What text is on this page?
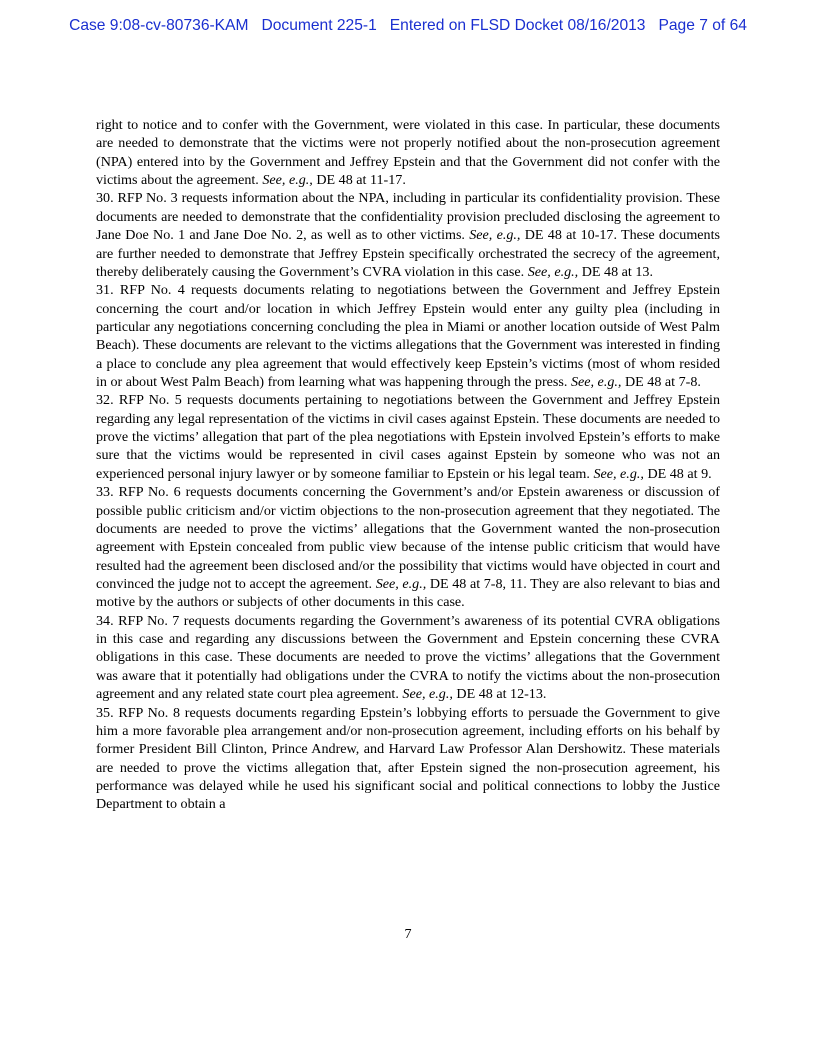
Case 9:08-cv-80736-KAM   Document 225-1   Entered on FLSD Docket 08/16/2013   Page 7 of 64

right to notice and to confer with the Government, were violated in this case. In particular, these documents are needed to demonstrate that the victims were not properly notified about the non-prosecution agreement (NPA) entered into by the Government and Jeffrey Epstein and that the Government did not confer with the victims about the agreement. See, e.g., DE 48 at 11-17.

30. RFP No. 3 requests information about the NPA, including in particular its confidentiality provision. These documents are needed to demonstrate that the confidentiality provision precluded disclosing the agreement to Jane Doe No. 1 and Jane Doe No. 2, as well as to other victims. See, e.g., DE 48 at 10-17. These documents are further needed to demonstrate that Jeffrey Epstein specifically orchestrated the secrecy of the agreement, thereby deliberately causing the Government’s CVRA violation in this case. See, e.g., DE 48 at 13.

31. RFP No. 4 requests documents relating to negotiations between the Government and Jeffrey Epstein concerning the court and/or location in which Jeffrey Epstein would enter any guilty plea (including in particular any negotiations concerning concluding the plea in Miami or another location outside of West Palm Beach). These documents are relevant to the victims allegations that the Government was interested in finding a place to conclude any plea agreement that would effectively keep Epstein’s victims (most of whom resided in or about West Palm Beach) from learning what was happening through the press. See, e.g., DE 48 at 7-8.

32. RFP No. 5 requests documents pertaining to negotiations between the Government and Jeffrey Epstein regarding any legal representation of the victims in civil cases against Epstein. These documents are needed to prove the victims’ allegation that part of the plea negotiations with Epstein involved Epstein’s efforts to make sure that the victims would be represented in civil cases against Epstein by someone who was not an experienced personal injury lawyer or by someone familiar to Epstein or his legal team. See, e.g., DE 48 at 9.

33. RFP No. 6 requests documents concerning the Government’s and/or Epstein awareness or discussion of possible public criticism and/or victim objections to the non-prosecution agreement that they negotiated. The documents are needed to prove the victims’ allegations that the Government wanted the non-prosecution agreement with Epstein concealed from public view because of the intense public criticism that would have resulted had the agreement been disclosed and/or the possibility that victims would have objected in court and convinced the judge not to accept the agreement. See, e.g., DE 48 at 7-8, 11. They are also relevant to bias and motive by the authors or subjects of other documents in this case.

34. RFP No. 7 requests documents regarding the Government’s awareness of its potential CVRA obligations in this case and regarding any discussions between the Government and Epstein concerning these CVRA obligations in this case. These documents are needed to prove the victims’ allegations that the Government was aware that it potentially had obligations under the CVRA to notify the victims about the non-prosecution agreement and any related state court plea agreement. See, e.g., DE 48 at 12-13.

35. RFP No. 8 requests documents regarding Epstein’s lobbying efforts to persuade the Government to give him a more favorable plea arrangement and/or non-prosecution agreement, including efforts on his behalf by former President Bill Clinton, Prince Andrew, and Harvard Law Professor Alan Dershowitz. These materials are needed to prove the victims allegation that, after Epstein signed the non-prosecution agreement, his performance was delayed while he used his significant social and political connections to lobby the Justice Department to obtain a

7
